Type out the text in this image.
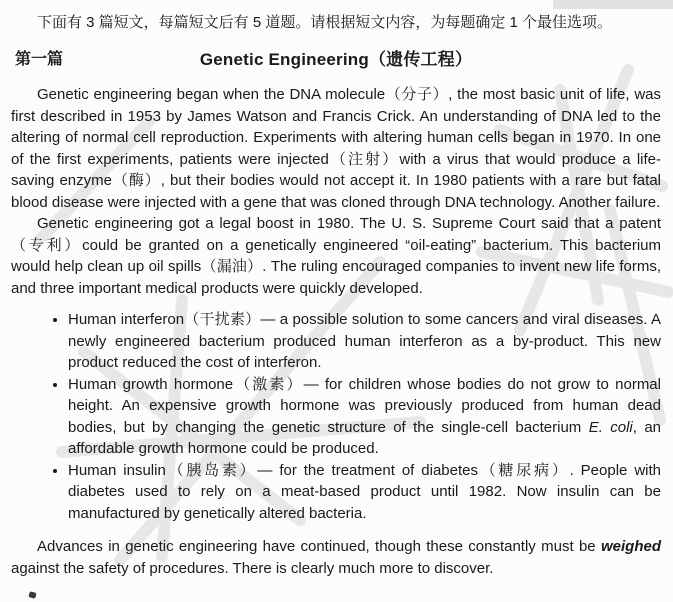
下面有 3 篇短文，每篇短文后有 5 道题。请根据短文内容，为每题确定 1 个最佳选项。

第一篇	Genetic Engineering（遗传工程）

Genetic engineering began when the DNA molecule（分子）, the most basic unit of life, was first described in 1953 by James Watson and Francis Crick. An understanding of DNA led to the altering of normal cell reproduction. Experiments with altering human cells began in 1970. In one of the first experiments, patients were injected（注射）with a virus that would produce a life-saving enzyme（酶）, but their bodies would not accept it. In 1980 patients with a rare but fatal blood disease were injected with a gene that was cloned through DNA technology. Another failure.

Genetic engineering got a legal boost in 1980. The U. S. Supreme Court said that a patent（专利）could be granted on a genetically engineered “oil-eating” bacterium. This bacterium would help clean up oil spills（漏油）. The ruling encouraged companies to invent new life forms, and three important medical products were quickly developed.

• Human interferon（干扰素）— a possible solution to some cancers and viral diseases. A newly engineered bacterium produced human interferon as a by-product. This new product reduced the cost of interferon.
• Human growth hormone（激素）— for children whose bodies do not grow to normal height. An expensive growth hormone was previously produced from human dead bodies, but by changing the genetic structure of the single-cell bacterium E. coli, an affordable growth hormone could be produced.
• Human insulin（胰岛素）— for the treatment of diabetes（糖尿病）. People with diabetes used to rely on a meat-based product until 1982. Now insulin can be manufactured by genetically altered bacteria.

Advances in genetic engineering have continued, though these constantly must be weighed against the safety of procedures. There is clearly much more to discover.
